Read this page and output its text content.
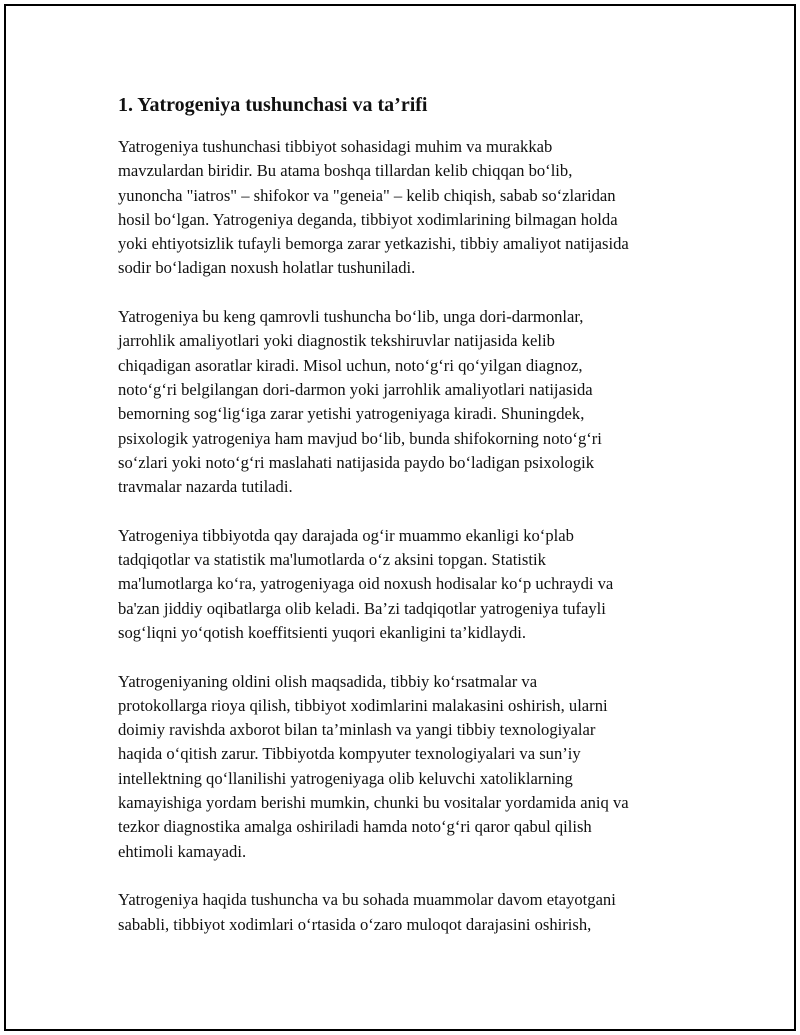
1. Yatrogeniya tushunchasi va ta’rifi

Yatrogeniya tushunchasi tibbiyot sohasidagi muhim va murakkab
mavzulardan biridir. Bu atama boshqa tillardan kelib chiqqan bo‘lib,
yunoncha "iatros" – shifokor va "geneia" – kelib chiqish, sabab so‘zlaridan
hosil bo‘lgan. Yatrogeniya deganda, tibbiyot xodimlarining bilmagan holda
yoki ehtiyotsizlik tufayli bemorga zarar yetkazishi, tibbiy amaliyot natijasida
sodir bo‘ladigan noxush holatlar tushuniladi.

Yatrogeniya bu keng qamrovli tushuncha bo‘lib, unga dori-darmonlar,
jarrohlik amaliyotlari yoki diagnostik tekshiruvlar natijasida kelib
chiqadigan asoratlar kiradi. Misol uchun, noto‘g‘ri qo‘yilgan diagnoz,
noto‘g‘ri belgilangan dori-darmon yoki jarrohlik amaliyotlari natijasida
bemorning sog‘lig‘iga zarar yetishi yatrogeniyaga kiradi. Shuningdek,
psixologik yatrogeniya ham mavjud bo‘lib, bunda shifokorning noto‘g‘ri
so‘zlari yoki noto‘g‘ri maslahati natijasida paydo bo‘ladigan psixologik
travmalar nazarda tutiladi.

Yatrogeniya tibbiyotda qay darajada og‘ir muammo ekanligi ko‘plab
tadqiqotlar va statistik ma'lumotlarda o‘z aksini topgan. Statistik
ma'lumotlarga ko‘ra, yatrogeniyaga oid noxush hodisalar ko‘p uchraydi va
ba'zan jiddiy oqibatlarga olib keladi. Ba’zi tadqiqotlar yatrogeniya tufayli
sog‘liqni yo‘qotish koeffitsienti yuqori ekanligini ta’kidlaydi.

Yatrogeniyaning oldini olish maqsadida, tibbiy ko‘rsatmalar va
protokollarga rioya qilish, tibbiyot xodimlarini malakasini oshirish, ularni
doimiy ravishda axborot bilan ta’minlash va yangi tibbiy texnologiyalar
haqida o‘qitish zarur. Tibbiyotda kompyuter texnologiyalari va sun’iy
intellektning qo‘llanilishi yatrogeniyaga olib keluvchi xatoliklarning
kamayishiga yordam berishi mumkin, chunki bu vositalar yordamida aniq va
tezkor diagnostika amalga oshiriladi hamda noto‘g‘ri qaror qabul qilish
ehtimoli kamayadi.

Yatrogeniya haqida tushuncha va bu sohada muammolar davom etayotgani
sababli, tibbiyot xodimlari o‘rtasida o‘zaro muloqot darajasini oshirish,
